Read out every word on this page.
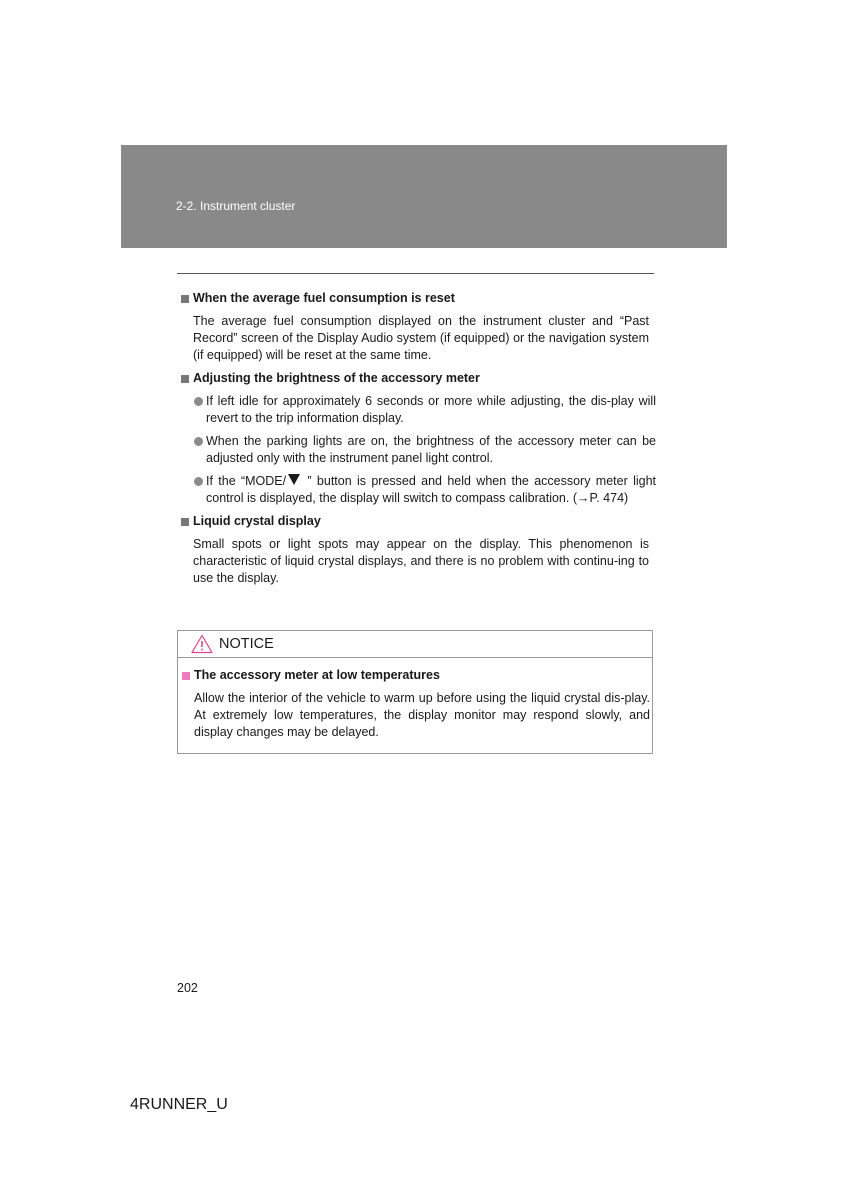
2-2. Instrument cluster
When the average fuel consumption is reset

The average fuel consumption displayed on the instrument cluster and “Past Record” screen of the Display Audio system (if equipped) or the navigation system (if equipped) will be reset at the same time.

Adjusting the brightness of the accessory meter
If left idle for approximately 6 seconds or more while adjusting, the dis-play will revert to the trip information display.
When the parking lights are on, the brightness of the accessory meter can be adjusted only with the instrument panel light control.
If the “MODE/ ” button is pressed and held when the accessory meter light control is displayed, the display will switch to compass calibration. (→P. 474)
Liquid crystal display

Small spots or light spots may appear on the display. This phenomenon is characteristic of liquid crystal displays, and there is no problem with continu-ing to use the display.

NOTICE
The accessory meter at low temperatures

Allow the interior of the vehicle to warm up before using the liquid crystal dis-play. At extremely low temperatures, the display monitor may respond slowly, and display changes may be delayed.

202
4RUNNER_U
